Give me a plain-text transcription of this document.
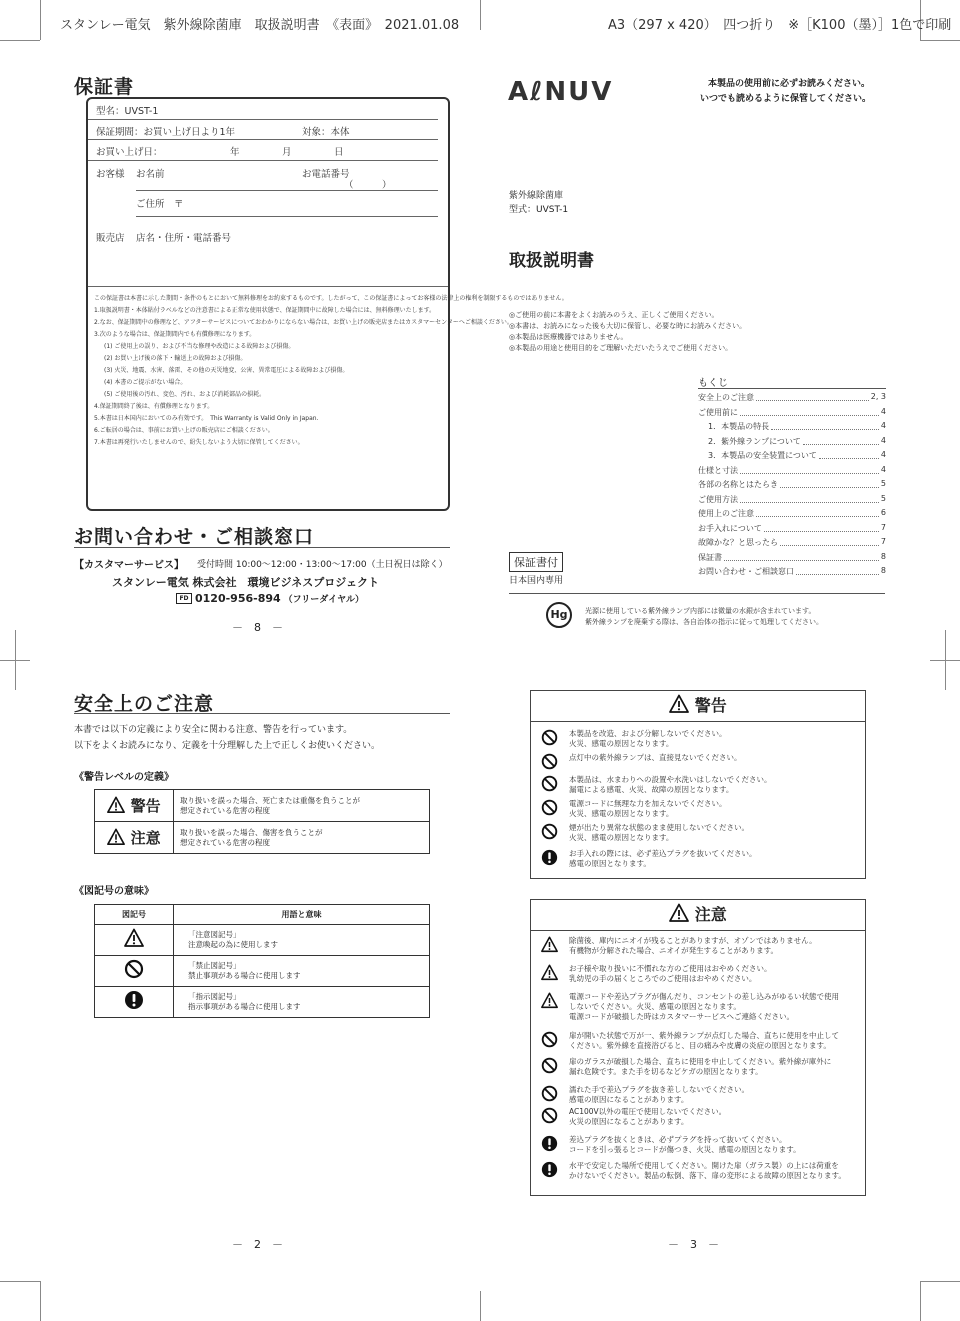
スタンレー電気　紫外線除菌庫　取扱説明書　《表面》　2021.01.08	A3（297 x 420）　四つ折り　※［K100（墨）］1色で印刷
保証書
型名：UVST-1
保証期間：お買い上げ日より1年	対象：本体
お買い上げ日：	年	月	日
お客様 お名前	お電話番号
（　　　）
ご住所　〒
販売店 店名・住所・電話番号
この保証書は本書に示した期間・条件のもとにおいて無料修理をお約束するものです。したがって、この保証書によってお客様の法律上の権利を制限するものではありません。
1.取扱説明書・本体貼付ラベルなどの注意書による正常な使用状態で、保証期間中に故障した場合には、無料修理いたします。
2.なお、保証期間中の修理など、アフターサービスについておわかりにならない場合は、お買い上げの販売店またはカスタマーセンターへご相談ください。
3.次のような場合は、保証期間内でも有償修理になります。
(1) ご使用上の誤り、および不当な修理や改造による故障および損傷。
(2) お買い上げ後の落下・輸送上の故障および損傷。
(3) 火災、地震、水害、落雷、その他の天災地変、公害、異常電圧による故障および損傷。
(4) 本書のご提示がない場合。
(5) ご使用後の汚れ、変色、汚れ、および消耗部品の損耗。
4.保証期間終了後は、有償修理となります。
5.本書は日本国内においてのみ有効です。　This Warranty is Valid Only in Japan.
6.ご転居の場合は、事前にお買い上げの販売店にご相談ください。
7.本書は再発行いたしませんので、紛失しないよう大切に保管してください。
お問い合わせ・ご相談窓口
【カスタマーサービス】 受付時間 10:00〜12:00・13:00〜17:00（土日祝日は除く）
スタンレー電気 株式会社　環境ビジネスプロジェクト
FD 0120-956-894 （フリーダイヤル）
－　8　－
AℓNUV	本製品の使用前に必ずお読みください。
いつでも読めるように保管してください。
紫外線除菌庫
型式：UVST-1
取扱説明書
◎ご使用の前に本書をよくお読みのうえ、正しくご使用ください。
◎本書は、お読みになった後も大切に保管し、必要な時にお読みください。
◎本製品は医療機器ではありません。
◎本製品の用途と使用目的をご理解いただいたうえでご使用ください。
もくじ
安全上のご注意	2, 3
ご使用前に	4
1．本製品の特長	4
2．紫外線ランプについて	4
3．本製品の安全装置について	4
仕様と寸法	4
各部の名称とはたらき	5
ご使用方法	5
使用上のご注意	6
お手入れについて	7
故障かな？と思ったら	7
保証書	8
お問い合わせ・ご相談窓口	8
保証書付
日本国内専用
Hg	光源に使用している紫外線ランプ内部には微量の水銀が含まれています。
紫外線ランプを廃棄する際は、各自治体の指示に従って処理してください。
安全上のご注意
本書では以下の定義により安全に関わる注意、警告を行っています。
以下をよくお読みになり、定義を十分理解した上で正しくお使いください。
《警告レベルの定義》
警告	取り扱いを誤った場合、死亡または重傷を負うことが
想定されている危害の程度

注意	取り扱いを誤った場合、傷害を負うことが
想定されている危害の程度
《図記号の意味》
図記号	用語と意味

「注意図記号」
注意喚起の為に使用します

「禁止図記号」
禁止事項がある場合に使用します

「指示図記号」
指示事項がある場合に使用します
－　2　－
警告
本製品を改造、および分解しないでください。
火災、感電の原因となります。
点灯中の紫外線ランプは、直接見ないでください。
本製品は、水まわりへの設置や水洗いはしないでください。
漏電による感電、火災、故障の原因となります。
電源コードに無理な力を加えないでください。
火災、感電の原因となります。
煙が出たり異常な状態のまま使用しないでください。
火災、感電の原因となります。
お手入れの際には、必ず差込プラグを抜いてください。
感電の原因となります。
注意
除菌後、庫内にニオイが残ることがありますが、オゾンではありません。
有機物が分解された場合、ニオイが発生することがあります。
お子様や取り扱いに不慣れな方のご使用はおやめください。
乳幼児の手の届くところでのご使用はおやめください。
電源コードや差込プラグが傷んだり、コンセントの差し込みがゆるい状態で使用
しないでください。火災、感電の原因となります。
電源コードが破損した時はカスタマーサービスへご連絡ください。
扉が開いた状態で万が一、紫外線ランプが点灯した場合、直ちに使用を中止して
ください。紫外線を直接浴びると、目の痛みや皮膚の炎症の原因となります。
扉のガラスが破損した場合、直ちに使用を中止してください。紫外線が庫外に
漏れ危険です。また手を切るなどケガの原因となります。
濡れた手で差込プラグを抜き差ししないでください。
感電の原因になることがあります。
AC100V以外の電圧で使用しないでください。
火災の原因になることがあります。
差込プラグを抜くときは、必ずプラグを持って抜いてください。
コードを引っ張るとコードが傷つき、火災、感電の原因となります。
水平で安定した場所で使用してください。開けた扉（ガラス製）の上には荷重を
かけないでください。製品の転倒、落下、扉の変形による故障の原因となります。
－　3　－
